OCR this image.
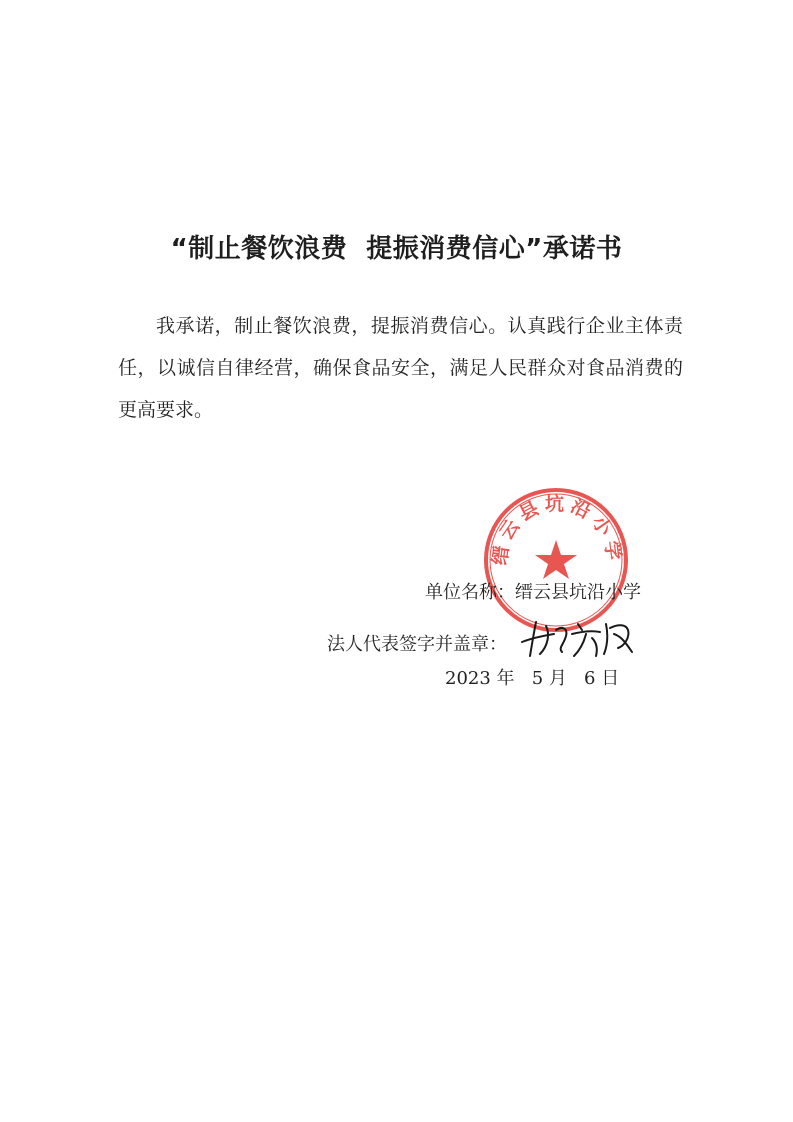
“制止餐饮浪费  提振消费信心”承诺书
我承诺，制止餐饮浪费，提振消费信心。认真践行企业主体责任，以诚信自律经营，确保食品安全，满足人民群众对食品消费的更高要求。
缙云县坑沿小学
单位名称：缙云县坑沿小学
法人代表签字并盖章：
2023 年   5 月   6 日
